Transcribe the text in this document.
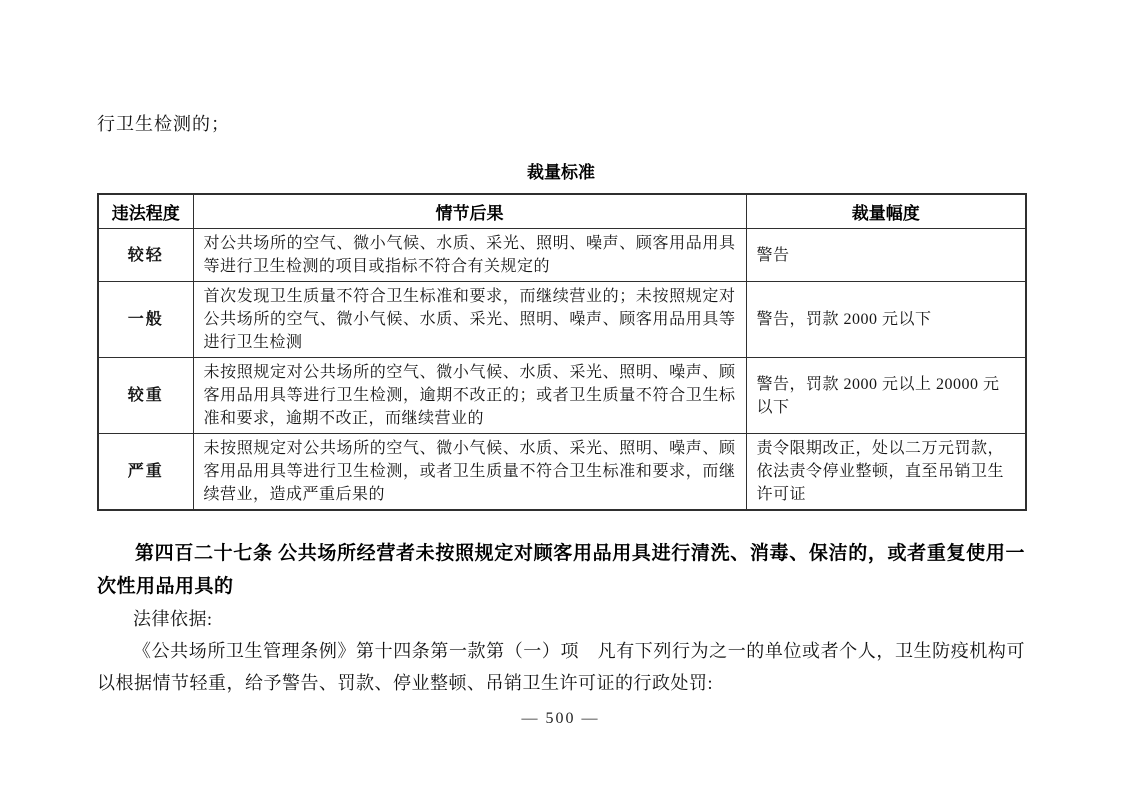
行卫生检测的；
裁量标准
违法程度	情节后果	裁量幅度
较轻	对公共场所的空气、微小气候、水质、采光、照明、噪声、顾客用品用具等进行卫生检测的项目或指标不符合有关规定的	警告
一般	首次发现卫生质量不符合卫生标准和要求，而继续营业的；未按照规定对公共场所的空气、微小气候、水质、采光、照明、噪声、顾客用品用具等进行卫生检测	警告，罚款 2000 元以下
较重	未按照规定对公共场所的空气、微小气候、水质、采光、照明、噪声、顾客用品用具等进行卫生检测，逾期不改正的；或者卫生质量不符合卫生标准和要求，逾期不改正，而继续营业的	警告，罚款 2000 元以上 20000 元以下
严重	未按照规定对公共场所的空气、微小气候、水质、采光、照明、噪声、顾客用品用具等进行卫生检测，或者卫生质量不符合卫生标准和要求，而继续营业，造成严重后果的	责令限期改正，处以二万元罚款，依法责令停业整顿，直至吊销卫生许可证
第四百二十七条 公共场所经营者未按照规定对顾客用品用具进行清洗、消毒、保洁的，或者重复使用一次性用品用具的
法律依据:
《公共场所卫生管理条例》第十四条第一款第（一）项　凡有下列行为之一的单位或者个人，卫生防疫机构可以根据情节轻重，给予警告、罚款、停业整顿、吊销卫生许可证的行政处罚:
— 500 —
